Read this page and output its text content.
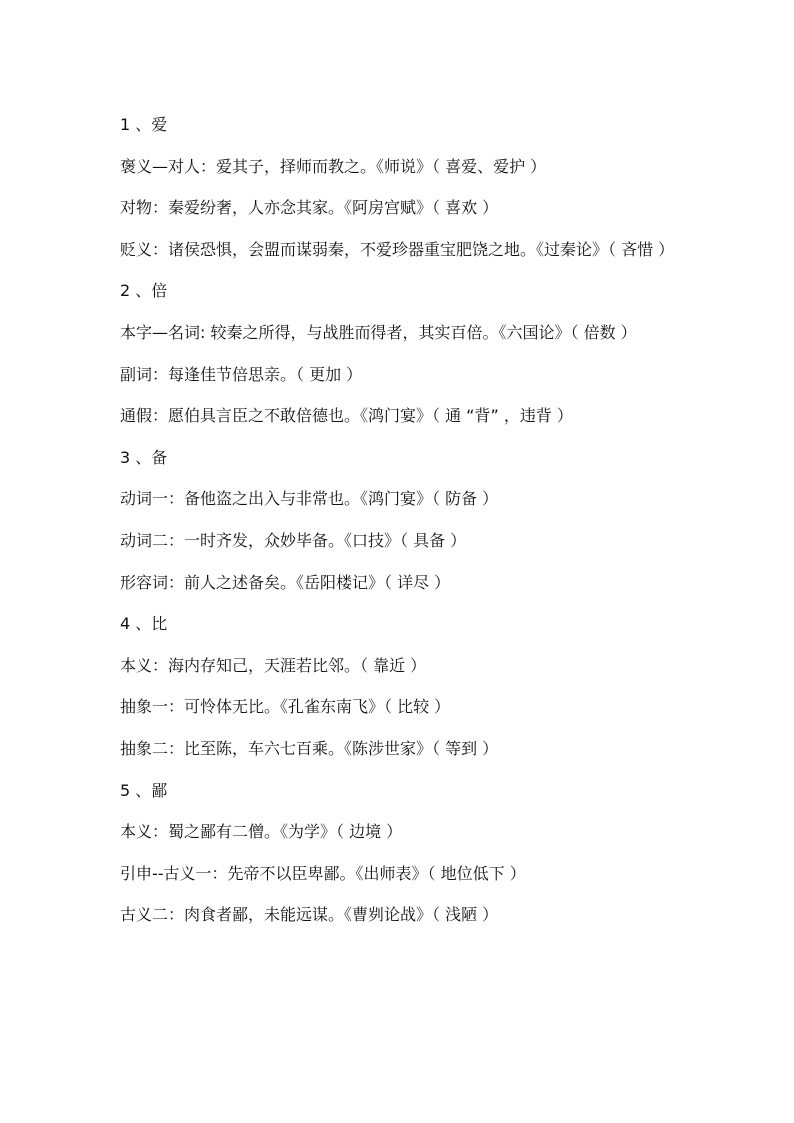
1 、爱

褒义—对人：爱其子，择师而教之。《师说》（ 喜爱、爱护 ）

对物：秦爱纷奢，人亦念其家。《阿房宫赋》（ 喜欢 ）

贬义：诸侯恐惧，会盟而谋弱秦，不爱珍器重宝肥饶之地。《过秦论》（ 吝惜 ）

2 、倍

本字—名词: 较秦之所得，与战胜而得者，其实百倍。《六国论》（ 倍数 ）

副词：每逢佳节倍思亲。（ 更加 ）

通假：愿伯具言臣之不敢倍德也。《鸿门宴》（ 通 “背” ，违背 ）

3 、备

动词一：备他盗之出入与非常也。《鸿门宴》（ 防备 ）

动词二：一时齐发，众妙毕备。《口技》（ 具备 ）

形容词：前人之述备矣。《岳阳楼记》（ 详尽 ）

4 、比

本义：海内存知己，天涯若比邻。（ 靠近 ）

抽象一：可怜体无比。《孔雀东南飞》（ 比较 ）

抽象二：比至陈，车六七百乘。《陈涉世家》（ 等到 ）

5 、鄙

本义：蜀之鄙有二僧。《为学》（ 边境 ）

引申--古义一：先帝不以臣卑鄙。《出师表》（ 地位低下 ）

古义二：肉食者鄙，未能远谋。《曹刿论战》（ 浅陋 ）
